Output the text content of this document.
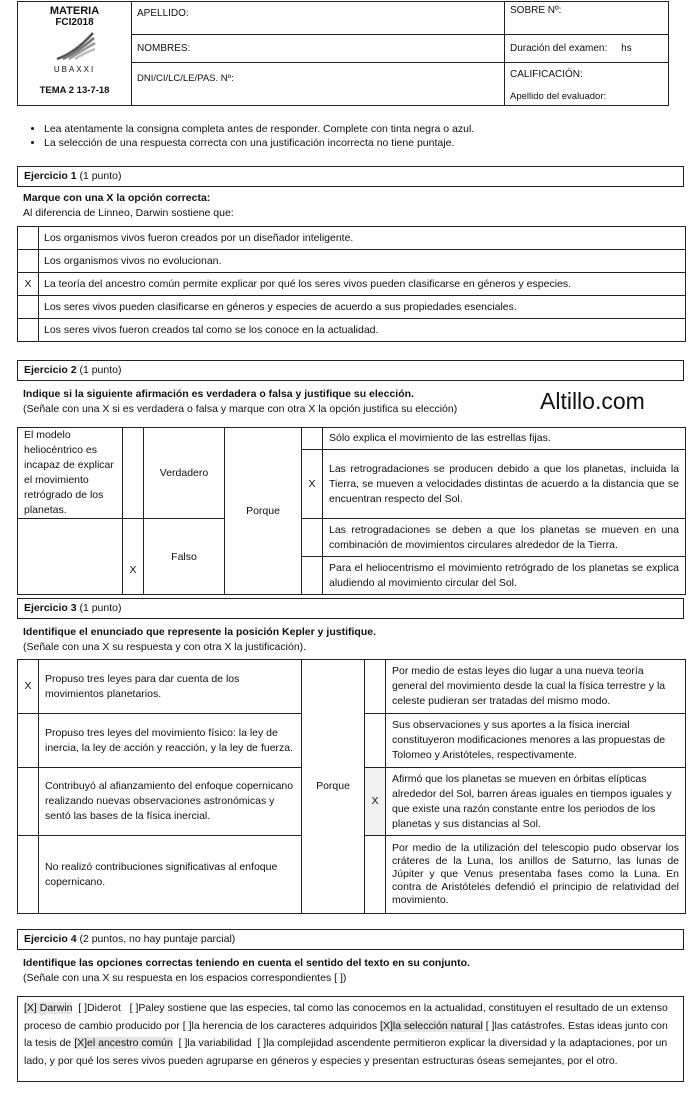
MATERIA
FCI2018
UBAXXI
TEMA 2 13-7-18	APELLIDO:	SOBRE Nº:
	NOMBRES:	Duración del examen:     hs
	DNI/CI/LC/LE/PAS. Nº:	CALIFICACIÓN:
Apellido del evaluador:
• Lea atentamente la consigna completa antes de responder. Complete con tinta negra o azul.
• La selección de una respuesta correcta con una justificación incorrecta no tiene puntaje.
Ejercicio 1 (1 punto)
Marque con una X la opción correcta:
Al diferencia de Linneo, Darwin sostiene que:
	Los organismos vivos fueron creados por un diseñador inteligente.
	Los organismos vivos no evolucionan.
X	La teoría del ancestro común permite explicar por qué los seres vivos pueden clasificarse en géneros y especies.
	Los seres vivos pueden clasificarse en géneros y especies de acuerdo a sus propiedades esenciales.
	Los seres vivos fueron creados tal como se los conoce en la actualidad.
Ejercicio 2 (1 punto)
Indique si la siguiente afirmación es verdadera o falsa y justifique su elección.
(Señale con una X si es verdadera o falsa y marque con otra X la opción justifica su elección)	Altillo.com
El modelo heliocéntrico es incapaz de explicar el movimiento retrógrado de los planetas.		Verdadero	Porque		Sólo explica el movimiento de las estrellas fijas.
				X	Las retrogradaciones se producen debido a que los planetas, incluida la Tierra, se mueven a velocidades distintas de acuerdo a la distancia que se encuentran respecto del Sol.

	X	Falso			Las retrogradaciones se deben a que los planetas se mueven en una combinación de movimientos circulares alrededor de la Tierra.
					Para el heliocentrismo el movimiento retrógrado de los planetas se explica aludiendo al movimiento circular del Sol.
Ejercicio 3 (1 punto)
Identifique el enunciado que represente la posición Kepler y justifique.
(Señale con una X su respuesta y con otra X la justificación).
X	Propuso tres leyes para dar cuenta de los movimientos planetarios.	Porque		Por medio de estas leyes dio lugar a una nueva teoría general del movimiento desde la cual la física terrestre y la celeste pudieran ser tratadas del mismo modo.
	Propuso tres leyes del movimiento físico: la ley de inercia, la ley de acción y reacción, y la ley de fuerza.			Sus observaciones y sus aportes a la física inercial constituyeron modificaciones menores a las propuestas de Tolomeo y Aristóteles, respectivamente.
	Contribuyó al afianzamiento del enfoque copernicano realizando nuevas observaciones astronómicas y sentó las bases de la física inercial.		X	Afirmó que los planetas se mueven en órbitas elípticas alrededor del Sol, barren áreas iguales en tiempos iguales y que existe una razón constante entre los periodos de los planetas y sus distancias al Sol.
	No realizó contribuciones significativas al enfoque copernicano.			Por medio de la utilización del telescopio pudo observar los cráteres de la Luna, los anillos de Saturno, las lunas de Júpiter y que Venus presentaba fases como la Luna. En contra de Aristóteles defendió el principio de relatividad del movimiento.
Ejercicio 4 (2 puntos, no hay puntaje parcial)
Identifique las opciones correctas teniendo en cuenta el sentido del texto en su conjunto.
(Señale con una X su respuesta en los espacios correspondientes [ ])
[X] Darwin  [ ]Diderot   [ ]Paley sostiene que las especies, tal como las conocemos en la actualidad, constituyen el resultado de un extenso proceso de cambio producido por [ ]la herencia de los caracteres adquiridos [X]la selección natural [ ]las catástrofes. Estas ideas junto con la tesis de [X]el ancestro común  [ ]la variabilidad  [ ]la complejidad ascendente permitieron explicar la diversidad y la adaptaciones, por un lado, y por qué los seres vivos pueden agruparse en géneros y especies y presentan estructuras óseas semejantes, por el otro.
